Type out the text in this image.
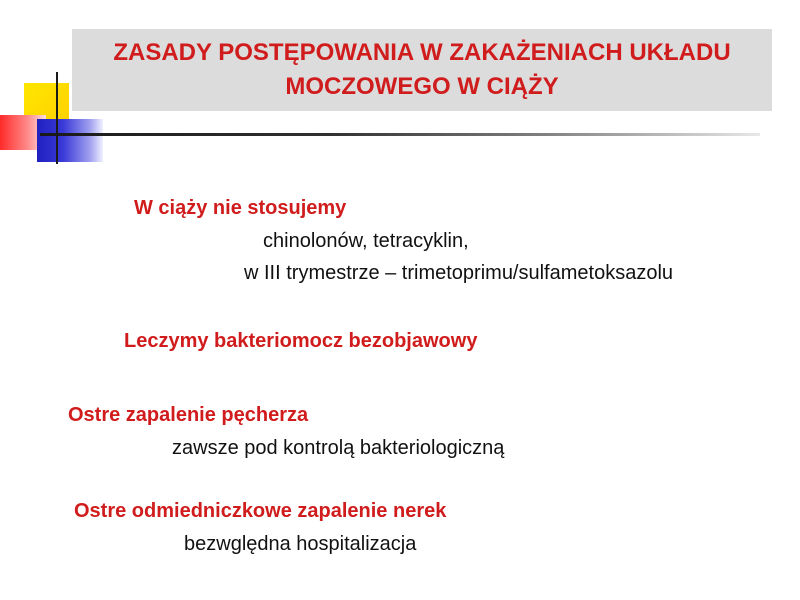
ZASADY POSTĘPOWANIA W ZAKAŻENIACH UKŁADU
MOCZOWEGO W CIĄŻY
W ciąży nie stosujemy
chinolonów, tetracyklin,
w III trymestrze – trimetoprimu/sulfametoksazolu
Leczymy bakteriomocz bezobjawowy
Ostre zapalenie pęcherza
zawsze pod kontrolą bakteriologiczną
Ostre odmiedniczkowe zapalenie nerek
bezwględna hospitalizacja
